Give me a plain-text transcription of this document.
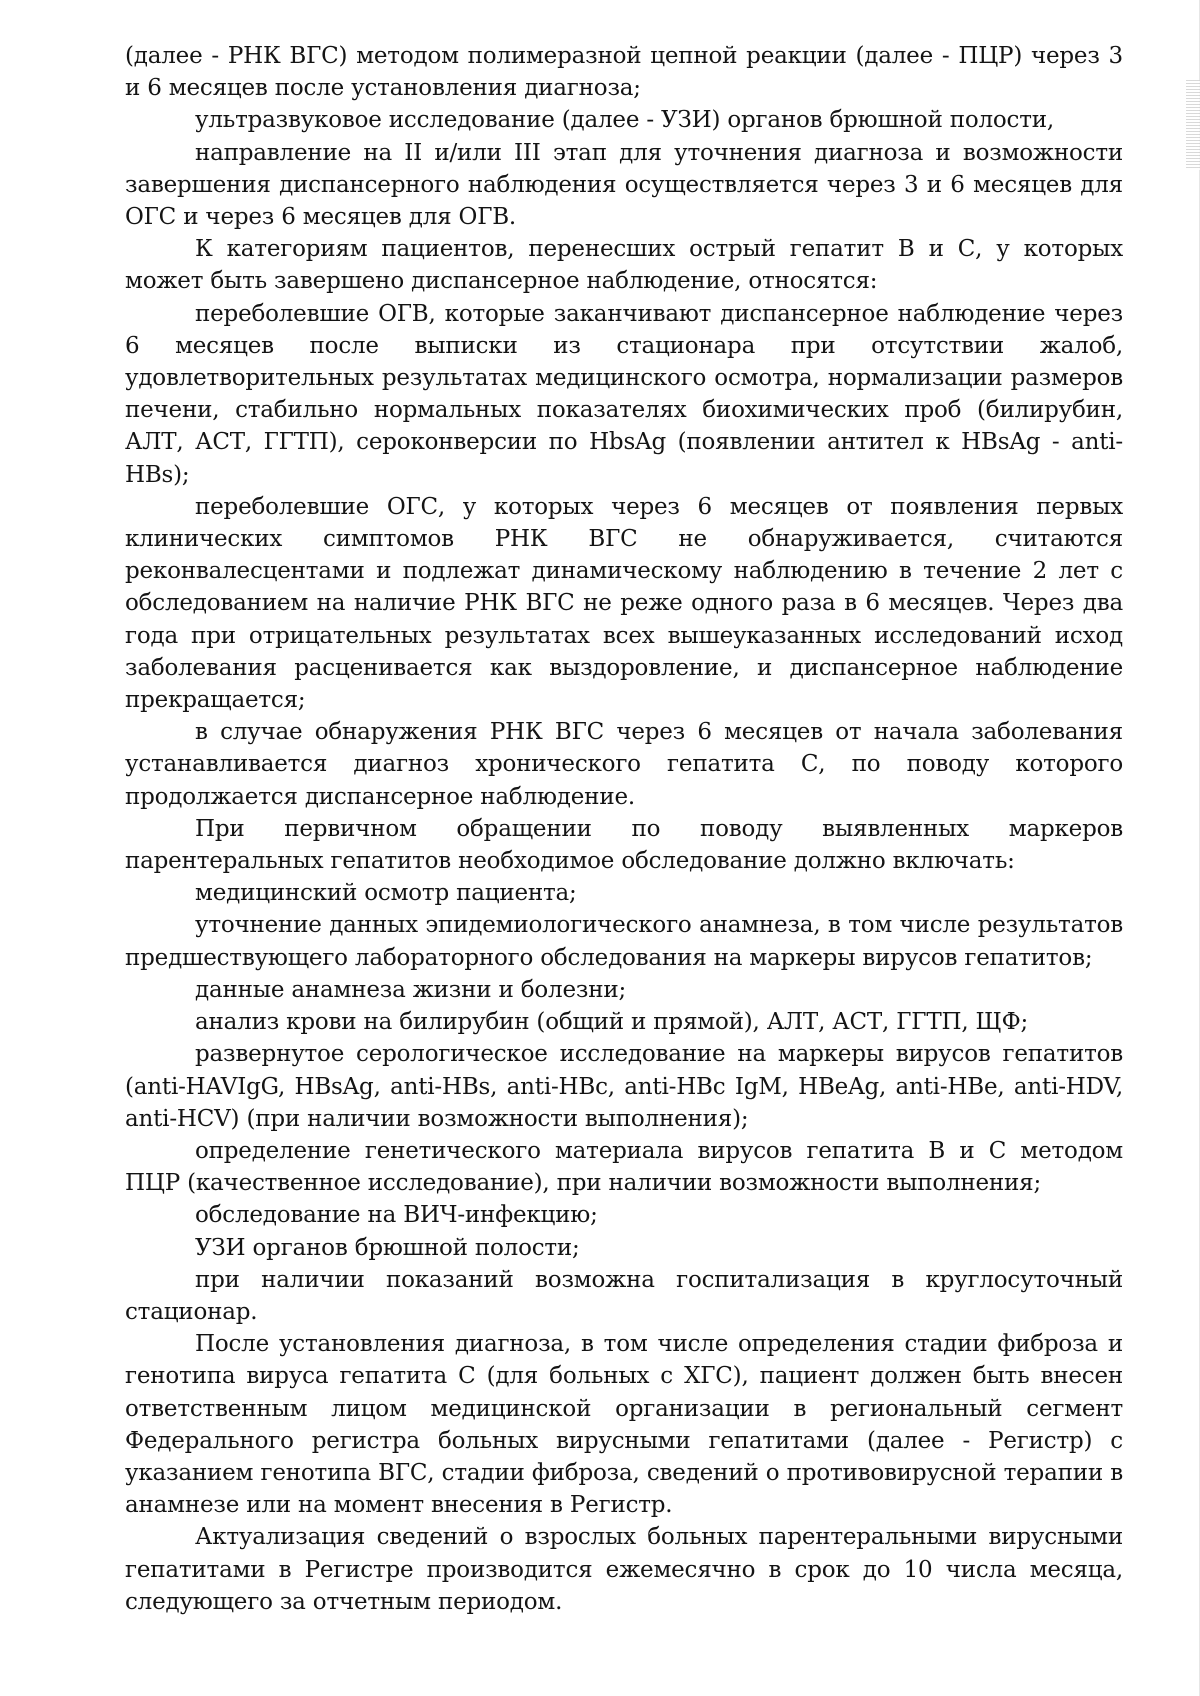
(далее - РНК ВГС) методом полимеразной цепной реакции (далее - ПЦР) через 3 и 6 месяцев после установления диагноза;

ультразвуковое исследование (далее - УЗИ) органов брюшной полости,

направление на II и/или III этап для уточнения диагноза и возможности завершения диспансерного наблюдения осуществляется через 3 и 6 месяцев для ОГС и через 6 месяцев для ОГВ.

К категориям пациентов, перенесших острый гепатит В и С, у которых может быть завершено диспансерное наблюдение, относятся:

переболевшие ОГВ, которые заканчивают диспансерное наблюдение через 6 месяцев после выписки из стационара при отсутствии жалоб, удовлетворительных результатах медицинского осмотра, нормализации размеров печени, стабильно нормальных показателях биохимических проб (билирубин, АЛТ, АСТ, ГГТП), сероконверсии по HbsAg (появлении антител к HBsAg - anti-HBs);

переболевшие ОГС, у которых через 6 месяцев от появления первых клинических симптомов РНК ВГС не обнаруживается, считаются реконвалесцентами и подлежат динамическому наблюдению в течение 2 лет с обследованием на наличие РНК ВГС не реже одного раза в 6 месяцев. Через два года при отрицательных результатах всех вышеуказанных исследований исход заболевания расценивается как выздоровление, и диспансерное наблюдение прекращается;

в случае обнаружения РНК ВГС через 6 месяцев от начала заболевания устанавливается диагноз хронического гепатита С, по поводу которого продолжается диспансерное наблюдение.

При первичном обращении по поводу выявленных маркеров парентеральных гепатитов необходимое обследование должно включать:

медицинский осмотр пациента;

уточнение данных эпидемиологического анамнеза, в том числе результатов предшествующего лабораторного обследования на маркеры вирусов гепатитов;

данные анамнеза жизни и болезни;

анализ крови на билирубин (общий и прямой), АЛТ, АСТ, ГГТП, ЩФ;

развернутое серологическое исследование на маркеры вирусов гепатитов (anti-HAVIgG, HBsAg, anti-HBs, anti-HBc, anti-HBc IgM, HBeAg, anti-HBe, anti-HDV, anti-HCV) (при наличии возможности выполнения);

определение генетического материала вирусов гепатита В и С методом ПЦР (качественное исследование), при наличии возможности выполнения;

обследование на ВИЧ-инфекцию;

УЗИ органов брюшной полости;

при наличии показаний возможна госпитализация в круглосуточный стационар.

После установления диагноза, в том числе определения стадии фиброза и генотипа вируса гепатита С (для больных с ХГС), пациент должен быть внесен ответственным лицом медицинской организации в региональный сегмент Федерального регистра больных вирусными гепатитами (далее - Регистр) с указанием генотипа ВГС, стадии фиброза, сведений о противовирусной терапии в анамнезе или на момент внесения в Регистр.

Актуализация сведений о взрослых больных парентеральными вирусными гепатитами в Регистре производится ежемесячно в срок до 10 числа месяца, следующего за отчетным периодом.
